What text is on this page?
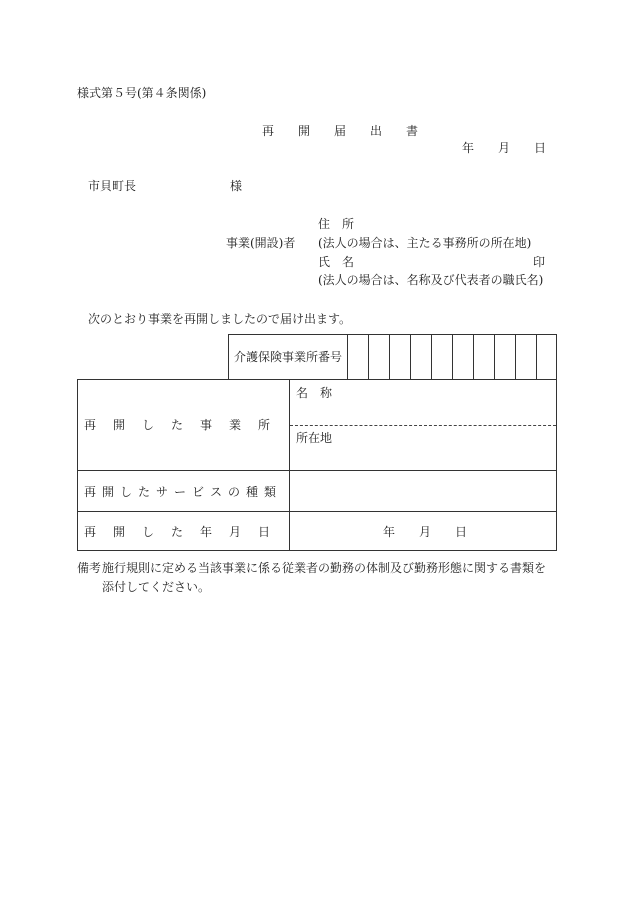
様式第５号(第４条関係)
再　開　届　出　書
年 月 日
市貝町長	様
住　所
事業(開設)者 (法人の場合は、主たる事務所の所在地)
氏　名	印
(法人の場合は、名称及び代表者の職氏名)
次のとおり事業を再開しましたので届け出ます。
介護保険事業所番号
再開した事業所
名　称
所在地
再開したサービスの種類
再開した年月日	年 月 日
備考 施行規則に定める当該事業に係る従業者の勤務の体制及び勤務形態に関する書類を
添付してください。
